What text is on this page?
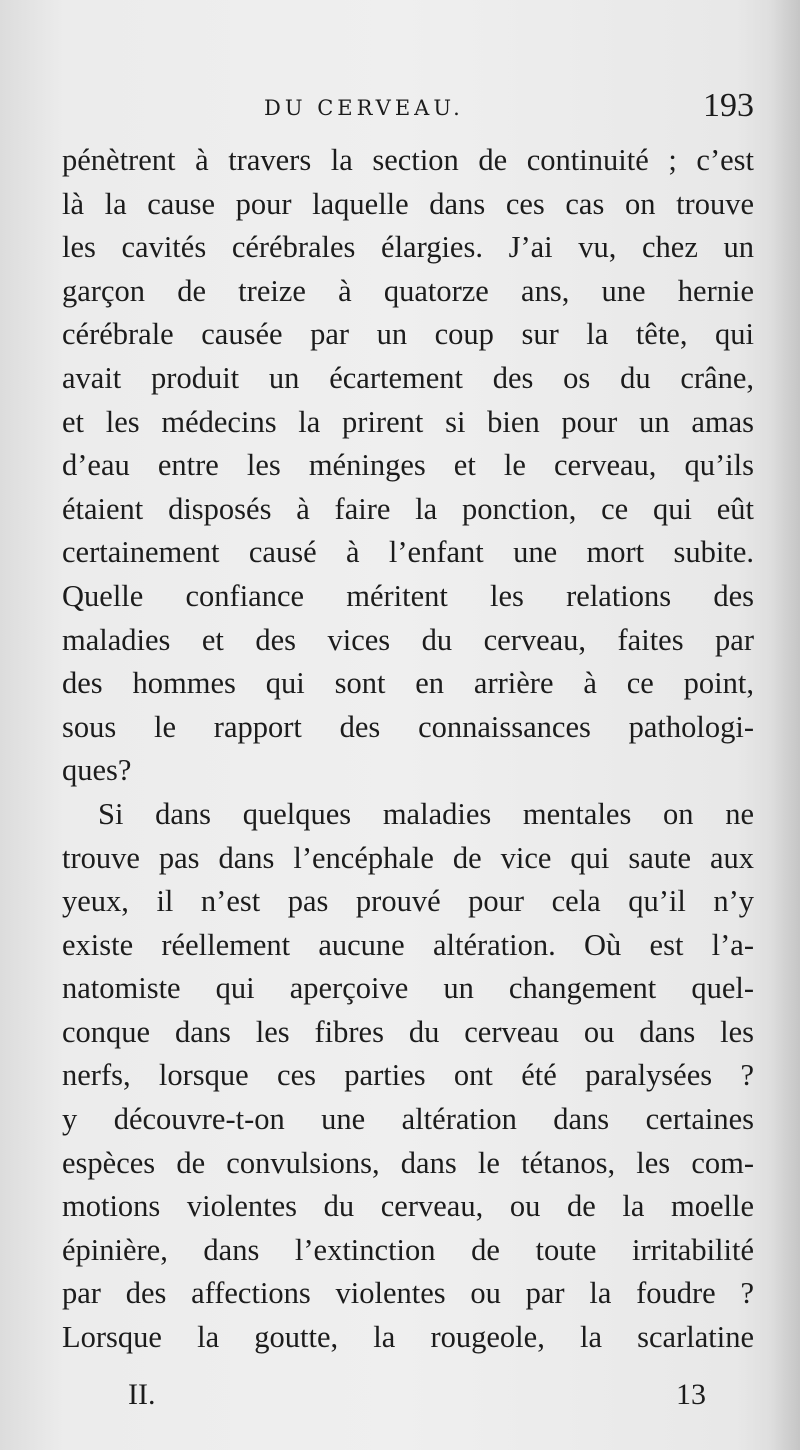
DU CERVEAU.	193
pénètrent à travers la section de continuité ; c’est
là la cause pour laquelle dans ces cas on trouve
les cavités cérébrales élargies. J’ai vu, chez un
garçon de treize à quatorze ans, une hernie
cérébrale causée par un coup sur la tête, qui
avait produit un écartement des os du crâne,
et les médecins la prirent si bien pour un amas
d’eau entre les méninges et le cerveau, qu’ils
étaient disposés à faire la ponction, ce qui eût
certainement causé à l’enfant une mort subite.
Quelle confiance méritent les relations des
maladies et des vices du cerveau, faites par
des hommes qui sont en arrière à ce point,
sous le rapport des connaissances pathologi-
ques?
Si dans quelques maladies mentales on ne
trouve pas dans l’encéphale de vice qui saute aux
yeux, il n’est pas prouvé pour cela qu’il n’y
existe réellement aucune altération. Où est l’a-
natomiste qui aperçoive un changement quel-
conque dans les fibres du cerveau ou dans les
nerfs, lorsque ces parties ont été paralysées ?
y découvre-t-on une altération dans certaines
espèces de convulsions, dans le tétanos, les com-
motions violentes du cerveau, ou de la moelle
épinière, dans l’extinction de toute irritabilité
par des affections violentes ou par la foudre ?
Lorsque la goutte, la rougeole, la scarlatine
II.	13
